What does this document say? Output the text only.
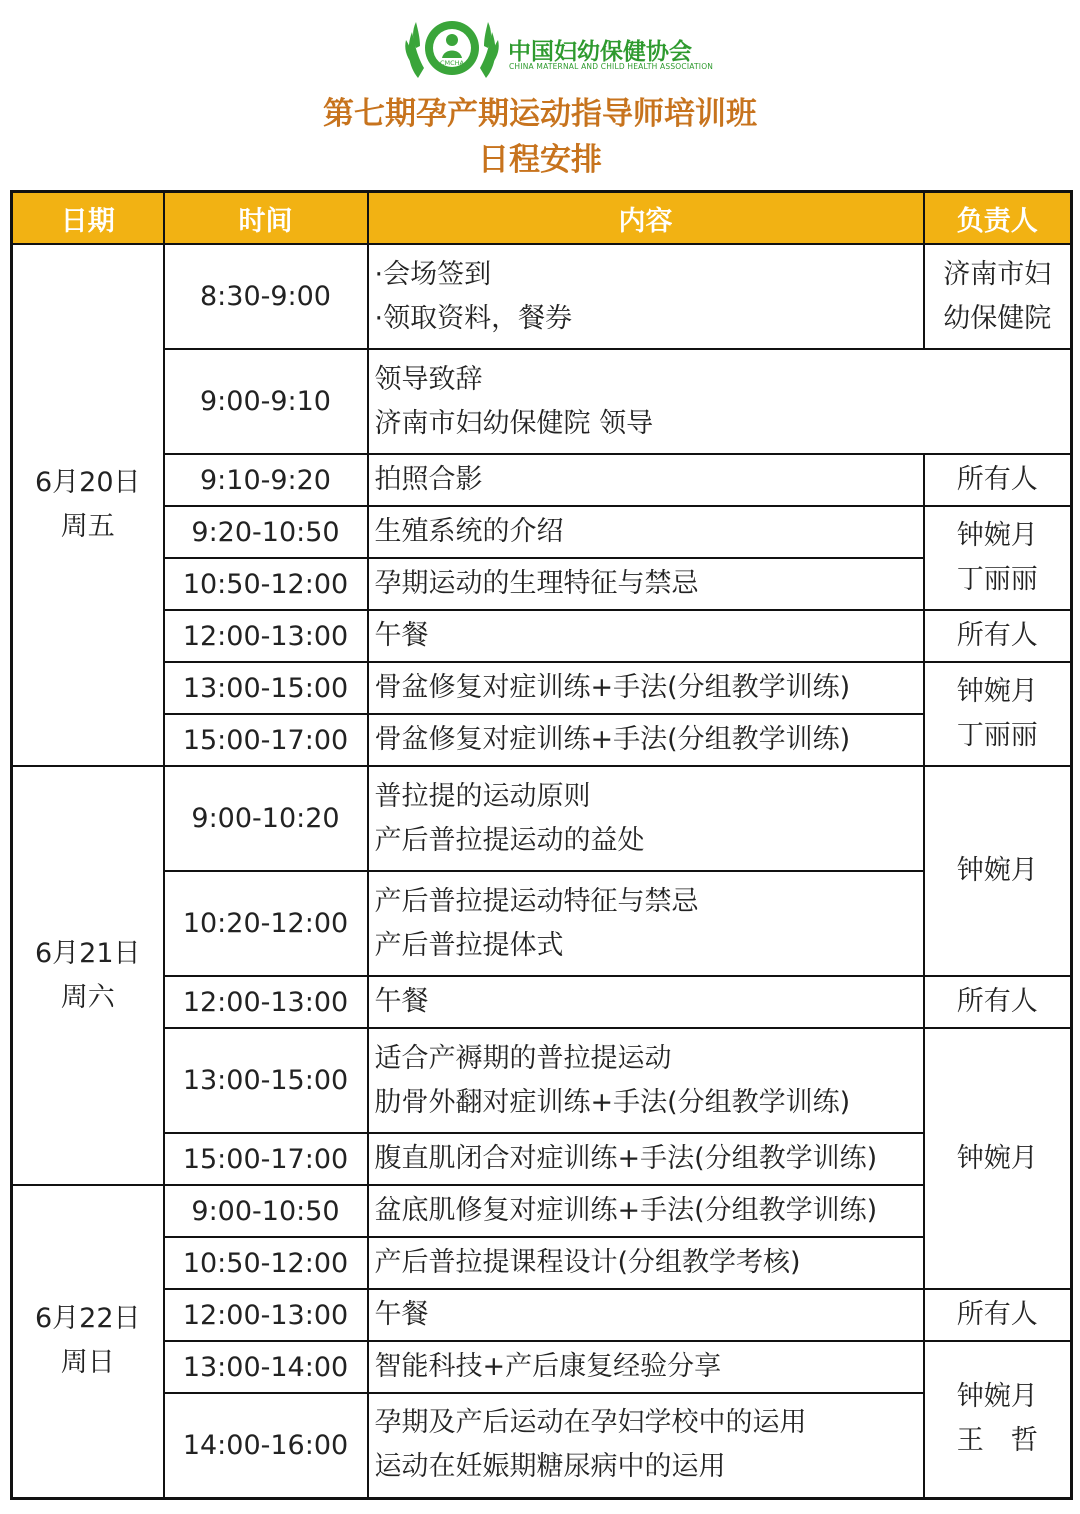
CMCHA 中国妇幼保健协会
CHINA MATERNAL AND CHILD HEALTH ASSOCIATION
第七期孕产期运动指导师培训班
日程安排
日期	时间	内容	负责人

6月20日
周五	8:30-9:00	·会场签到
·领取资料，餐券	济南市妇
幼保健院

	9:00-9:10	领导致辞
济南市妇幼保健院 领导	

	9:10-9:20	拍照合影	所有人
	9:20-10:50	生殖系统的介绍	钟婉月
丁丽丽

	10:50-12:00	孕期运动的生理特征与禁忌	
	12:00-13:00	午餐	所有人
	13:00-15:00	骨盆修复对症训练+手法(分组教学训练)	钟婉月
丁丽丽

	15:00-17:00	骨盆修复对症训练+手法(分组教学训练)	

6月21日
周六	9:00-10:20	普拉提的运动原则
产后普拉提运动的益处	钟婉月
	10:20-12:00	产后普拉提运动特征与禁忌
产后普拉提体式	

	12:00-13:00	午餐	所有人
	13:00-15:00	适合产褥期的普拉提运动
肋骨外翻对症训练+手法(分组教学训练)	钟婉月
	15:00-17:00	腹直肌闭合对症训练+手法(分组教学训练)	

6月22日
周日	9:00-10:50	盆底肌修复对症训练+手法(分组教学训练)	
	10:50-12:00	产后普拉提课程设计(分组教学考核)	
	12:00-13:00	午餐	所有人
	13:00-14:00	智能科技+产后康复经验分享	钟婉月
王　哲

	14:00-16:00	孕期及产后运动在孕妇学校中的运用
运动在妊娠期糖尿病中的运用	
